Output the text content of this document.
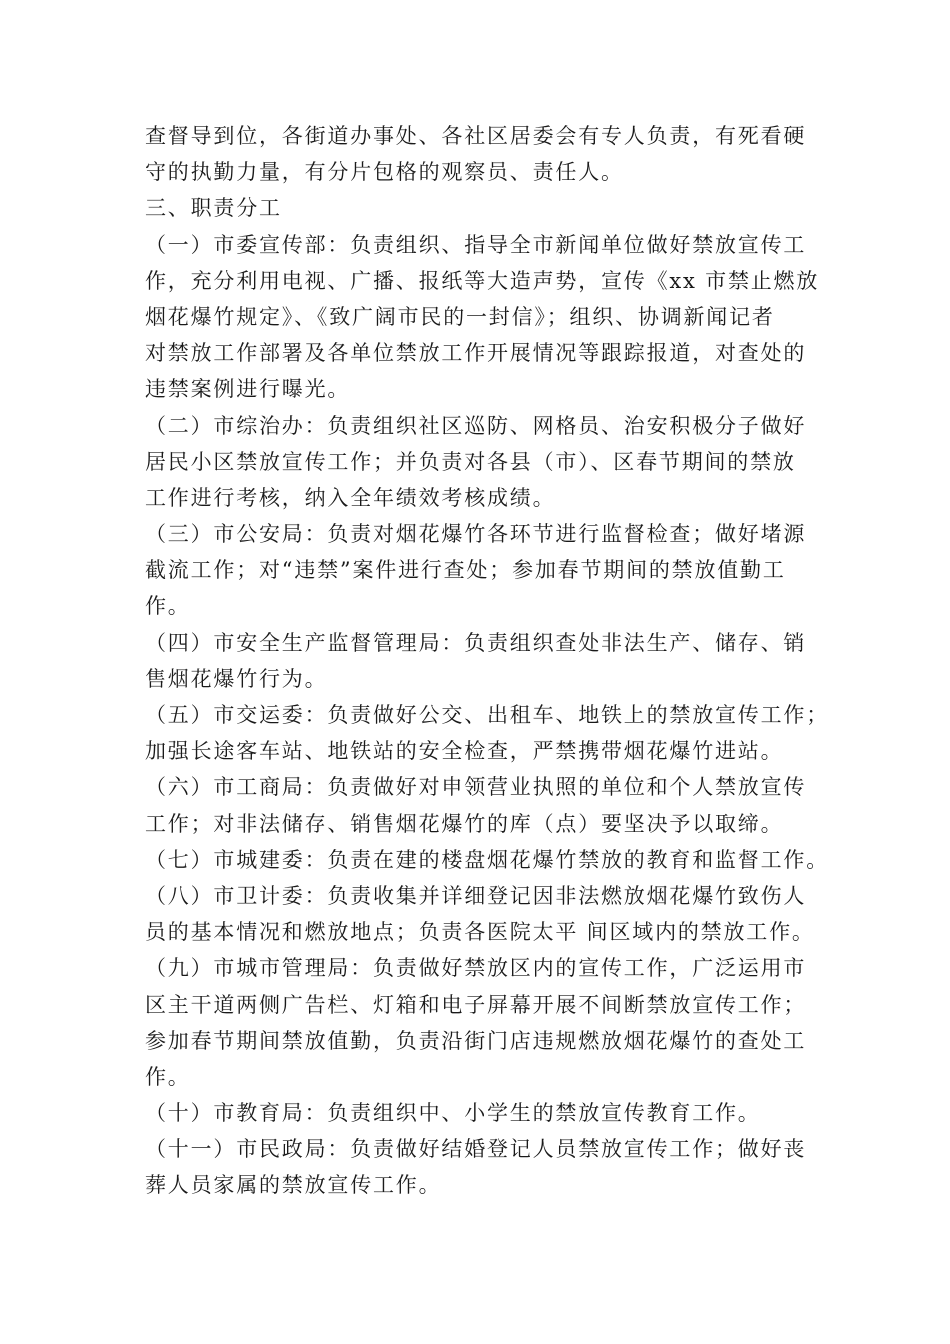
查督导到位，各街道办事处、各社区居委会有专人负责，有死看硬
守的执勤力量，有分片包格的观察员、责任人。
三、职责分工
（一）市委宣传部：负责组织、指导全市新闻单位做好禁放宣传工
作，充分利用电视、广播、报纸等大造声势，宣传《xx 市禁止燃放
烟花爆竹规定》、《致广阔市民的一封信》；组织、协调新闻记者
对禁放工作部署及各单位禁放工作开展情况等跟踪报道，对查处的
违禁案例进行曝光。
（二）市综治办：负责组织社区巡防、网格员、治安积极分子做好
居民小区禁放宣传工作；并负责对各县（市）、区春节期间的禁放
工作进行考核，纳入全年绩效考核成绩。
（三）市公安局：负责对烟花爆竹各环节进行监督检查；做好堵源
截流工作；对“违禁”案件进行查处；参加春节期间的禁放值勤工
作。
（四）市安全生产监督管理局：负责组织查处非法生产、储存、销
售烟花爆竹行为。
（五）市交运委：负责做好公交、出租车、地铁上的禁放宣传工作；
加强长途客车站、地铁站的安全检查，严禁携带烟花爆竹进站。
（六）市工商局：负责做好对申领营业执照的单位和个人禁放宣传
工作；对非法储存、销售烟花爆竹的库（点）要坚决予以取缔。
（七）市城建委：负责在建的楼盘烟花爆竹禁放的教育和监督工作。
（八）市卫计委：负责收集并详细登记因非法燃放烟花爆竹致伤人
员的基本情况和燃放地点；负责各医院太平 间区域内的禁放工作。
（九）市城市管理局：负责做好禁放区内的宣传工作，广泛运用市
区主干道两侧广告栏、灯箱和电子屏幕开展不间断禁放宣传工作；
参加春节期间禁放值勤，负责沿街门店违规燃放烟花爆竹的查处工
作。
（十）市教育局：负责组织中、小学生的禁放宣传教育工作。
（十一）市民政局：负责做好结婚登记人员禁放宣传工作；做好丧
葬人员家属的禁放宣传工作。
